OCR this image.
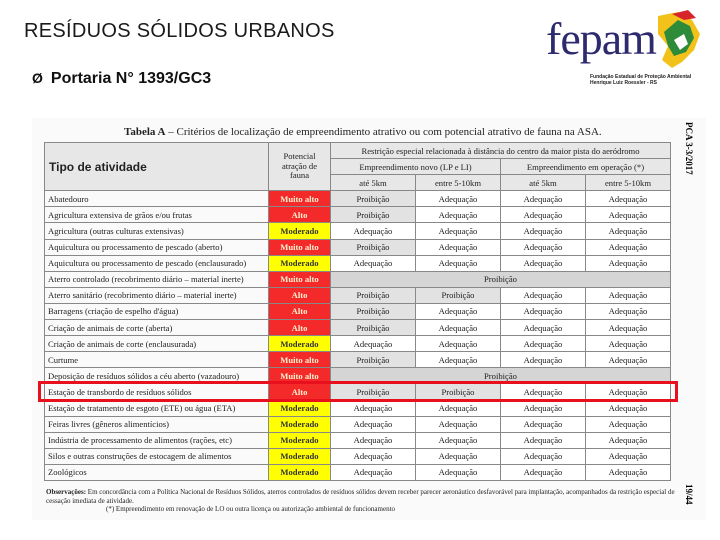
RESÍDUOS SÓLIDOS URBANOS
Ø Portaria N° 1393/GC3
fepam
Fundação Estadual de Proteção Ambiental
Henrique Luiz Roessler - RS
Tabela A – Critérios de localização de empreendimento atrativo ou com potencial atrativo de fauna na ASA.	PCA 3-3/2017
Tipo de atividade	Potencial atração de fauna	Restrição especial relacionada à distância do centro da maior pista do aeródromo			
		Empreendimento novo (LP e LI)		Empreendimento em operação (*)	
		até 5km	entre 5-10km	até 5km	entre 5-10km
Abatedouro	Muito alto	Proibição	Adequação	Adequação	Adequação
Agricultura extensiva de grãos e/ou frutas	Alto	Proibição	Adequação	Adequação	Adequação
Agricultura (outras culturas extensivas)	Moderado	Adequação	Adequação	Adequação	Adequação
Aquicultura ou processamento de pescado (aberto)	Muito alto	Proibição	Adequação	Adequação	Adequação
Aquicultura ou processamento de pescado (enclausurado)	Moderado	Adequação	Adequação	Adequação	Adequação
Aterro controlado (recobrimento diário – material inerte)	Muito alto	Proibição			
Aterro sanitário (recobrimento diário – material inerte)	Alto	Proibição	Proibição	Adequação	Adequação
Barragens (criação de espelho d'água)	Alto	Proibição	Adequação	Adequação	Adequação
Criação de animais de corte (aberta)	Alto	Proibição	Adequação	Adequação	Adequação
Criação de animais de corte (enclausurada)	Moderado	Adequação	Adequação	Adequação	Adequação
Curtume	Muito alto	Proibição	Adequação	Adequação	Adequação
Deposição de resíduos sólidos a céu aberto (vazadouro)	Muito alto	Proibição			
Estação de transbordo de resíduos sólidos	Alto	Proibição	Proibição	Adequação	Adequação
Estação de tratamento de esgoto (ETE) ou água (ETA)	Moderado	Adequação	Adequação	Adequação	Adequação
Feiras livres (gêneros alimentícios)	Moderado	Adequação	Adequação	Adequação	Adequação
Indústria de processamento de alimentos (rações, etc)	Moderado	Adequação	Adequação	Adequação	Adequação
Silos e outras construções de estocagem de alimentos	Moderado	Adequação	Adequação	Adequação	Adequação
Zoológicos	Moderado	Adequação	Adequação	Adequação	Adequação
Observações: Em concordância com a Política Nacional de Resíduos Sólidos, aterros controlados de resíduos sólidos devem receber parecer aeronáutico desfavorável para implantação, acompanhados da restrição especial de cessação imediata de atividade.
(*) Empreendimento em renovação de LO ou outra licença ou autorização ambiental de funcionamento
19/44
